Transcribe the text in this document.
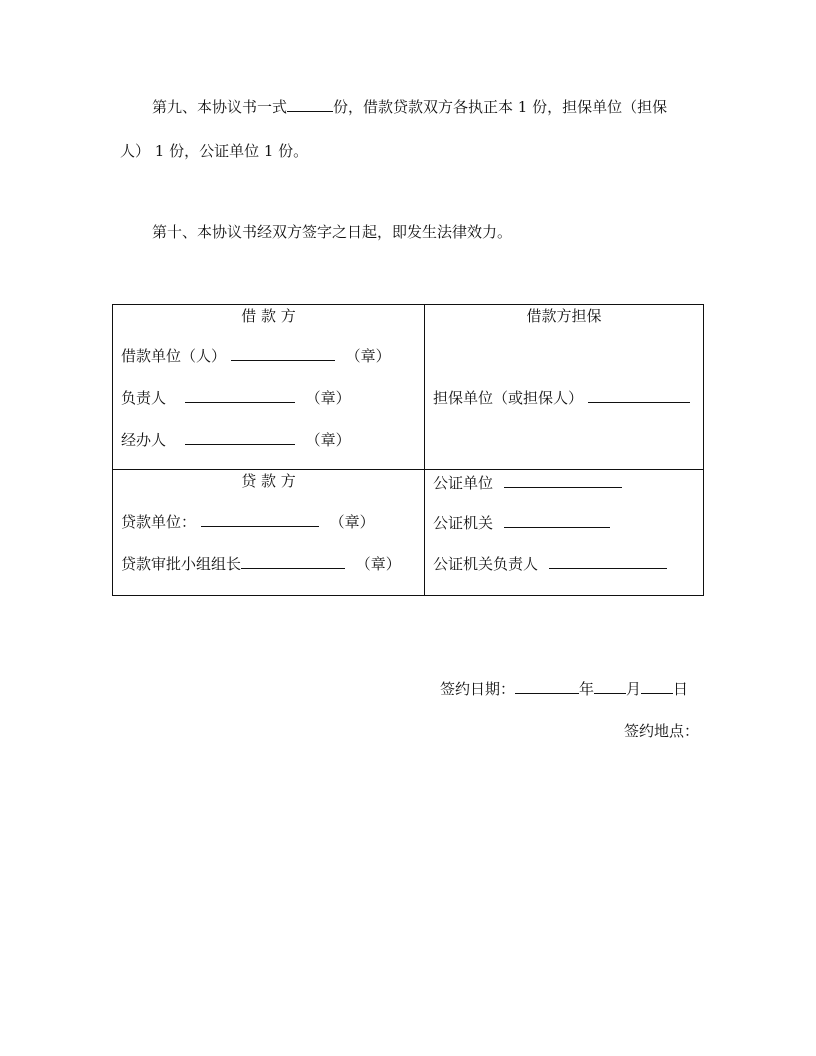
第九、本协议书一式	份，借款贷款双方各执正本 1 份，担保单位（担保
人） 1 份，公证单位 1 份。
第十、本协议书经双方签字之日起，即发生法律效力。
借 款 方
借款单位（人）	（章）
负责人	（章）
经办人	（章）
借款方担保
担保单位（或担保人）
贷 款 方
贷款单位：	（章）
贷款审批小组组长	（章）
公证单位
公证机关
公证机关负责人
签约日期：	年 月 日
签约地点：
